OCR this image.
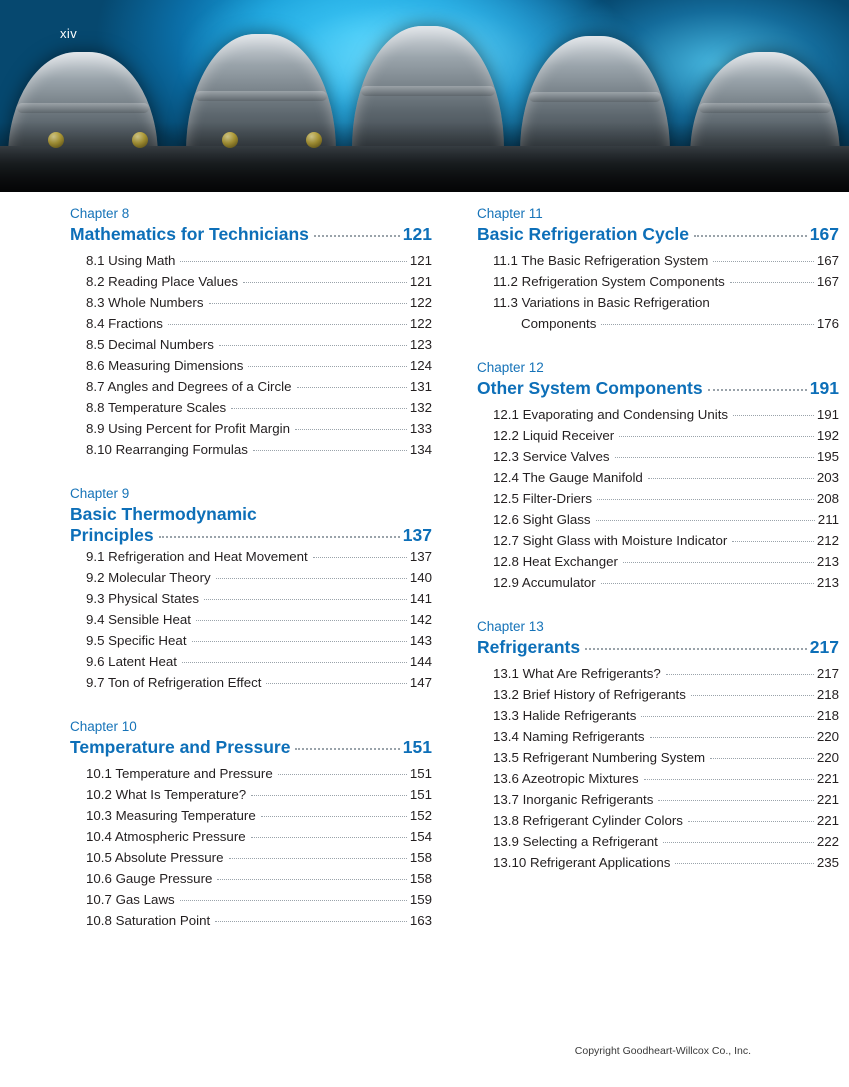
xiv
Chapter 8
Mathematics for Technicians	121
8.1 Using Math	121
8.2 Reading Place Values	121
8.3 Whole Numbers	122
8.4 Fractions	122
8.5 Decimal Numbers	123
8.6 Measuring Dimensions	124
8.7 Angles and Degrees of a Circle	131
8.8 Temperature Scales	132
8.9 Using Percent for Profit Margin	133
8.10 Rearranging Formulas	134
Chapter 9
Basic Thermodynamic
Principles	137
9.1 Refrigeration and Heat Movement	137
9.2 Molecular Theory	140
9.3 Physical States	141
9.4 Sensible Heat	142
9.5 Specific Heat	143
9.6 Latent Heat	144
9.7 Ton of Refrigeration Effect	147
Chapter 10
Temperature and Pressure	151
10.1 Temperature and Pressure	151
10.2 What Is Temperature?	151
10.3 Measuring Temperature	152
10.4 Atmospheric Pressure	154
10.5 Absolute Pressure	158
10.6 Gauge Pressure	158
10.7 Gas Laws	159
10.8 Saturation Point	163
Chapter 11
Basic Refrigeration Cycle	167
11.1 The Basic Refrigeration System	167
11.2 Refrigeration System Components	167
11.3 Variations in Basic Refrigeration
Components	176
Chapter 12
Other System Components	191
12.1 Evaporating and Condensing Units	191
12.2 Liquid Receiver	192
12.3 Service Valves	195
12.4 The Gauge Manifold	203
12.5 Filter-Driers	208
12.6 Sight Glass	211
12.7 Sight Glass with Moisture Indicator	212
12.8 Heat Exchanger	213
12.9 Accumulator	213
Chapter 13
Refrigerants	217
13.1 What Are Refrigerants?	217
13.2 Brief History of Refrigerants	218
13.3 Halide Refrigerants	218
13.4 Naming Refrigerants	220
13.5 Refrigerant Numbering System	220
13.6 Azeotropic Mixtures	221
13.7 Inorganic Refrigerants	221
13.8 Refrigerant Cylinder Colors	221
13.9 Selecting a Refrigerant	222
13.10 Refrigerant Applications	235
Copyright Goodheart-Willcox Co., Inc.
